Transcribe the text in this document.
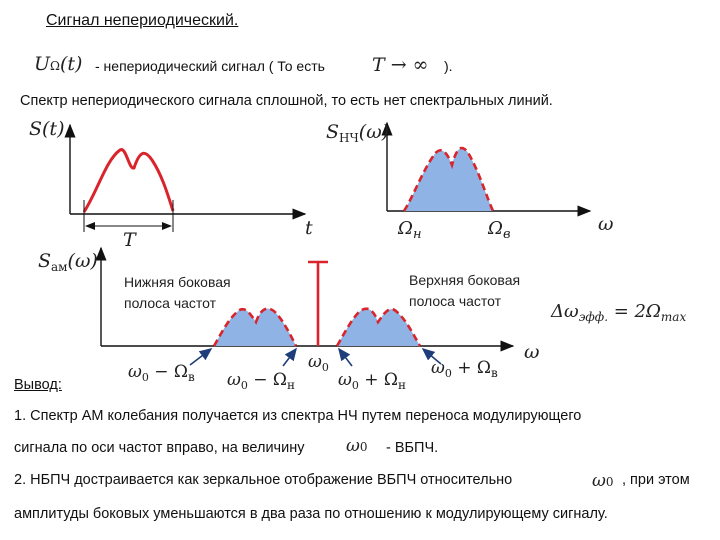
Сигнал непериодический.
UΩ(t) - непериодический сигнал ( То есть T → ∞ ).
Спектр непериодического сигнала сплошной, то есть нет спектральных линий.
S(t)
t
T
$S_{НЧ}(\omega)$
ω
$\Omega_н$	$\Omega_в$
$S_{ам}(\omega)$
ω
$\omega_0 - \Omega_в$ $\omega_0 - \Omega_н$
$\omega_0$
$\omega_0 + \Omega_н$
$\omega_0 + \Omega_в$
$\Delta\omega_{эфф.} = 2\Omega_{max}$
Нижняя боковая
полоса частот
Верхняя боковая
полоса частот
Вывод:
1. Спектр АМ колебания получается из спектра НЧ путем переноса модулирующего
сигнала по оси частот вправо, на величину ω0 - ВБПЧ.
2. НБПЧ достраивается как зеркальное отображение ВБПЧ относительно	ω0 , при этом
амплитуды боковых уменьшаются в два раза по отношению к модулирующему сигналу.
